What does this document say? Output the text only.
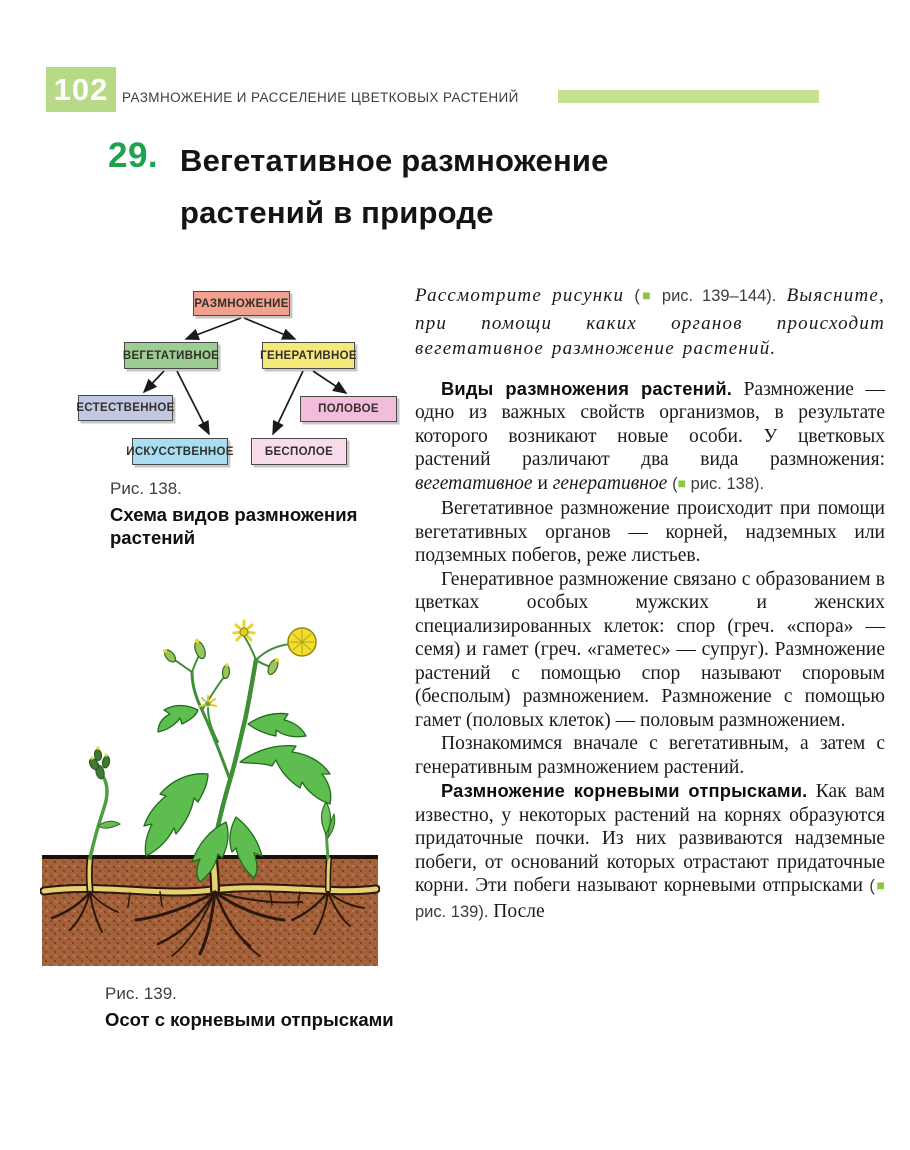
102	РАЗМНОЖЕНИЕ И РАССЕЛЕНИЕ ЦВЕТКОВЫХ РАСТЕНИЙ
29. Вегетативное размножение
растений в природе
РАЗМНОЖЕНИЕ
ВЕГЕТАТИВНОЕ	ГЕНЕРАТИВНОЕ
ЕСТЕСТВЕННОЕ
ИСКУССТВЕННОЕ
ПОЛОВОЕ
БЕСПОЛОЕ
Рис. 138.
Схема видов размножения растений
Рис. 139.
Осот с корневыми отпрысками

Рассмотрите рисунки (■ рис. 139–144). Выясните, при помощи каких органов происходит вегетативное размножение растений.

Виды размножения растений. Размножение — одно из важных свойств организмов, в результате которого возникают новые особи. У цветковых растений различают два вида размножения: вегетативное и генеративное (■ рис. 138).

Вегетативное размножение происходит при помощи вегетативных органов — корней, надземных или подземных побегов, реже листьев.

Генеративное размножение связано с образованием в цветках особых мужских и женских специализированных клеток: спор (греч. «спора» — семя) и гамет (греч. «гаметес» — супруг). Размножение растений с помощью спор называют споровым (бесполым) размножением. Размножение с помощью гамет (половых клеток) — половым размножением.

Познакомимся вначале с вегетативным, а затем с генеративным размножением растений.

Размножение корневыми отпрысками. Как вам известно, у некоторых растений на корнях образуются придаточные почки. Из них развиваются надземные побеги, от оснований которых отрастают придаточные корни. Эти побеги называют корневыми отпрысками (■ рис. 139). После
